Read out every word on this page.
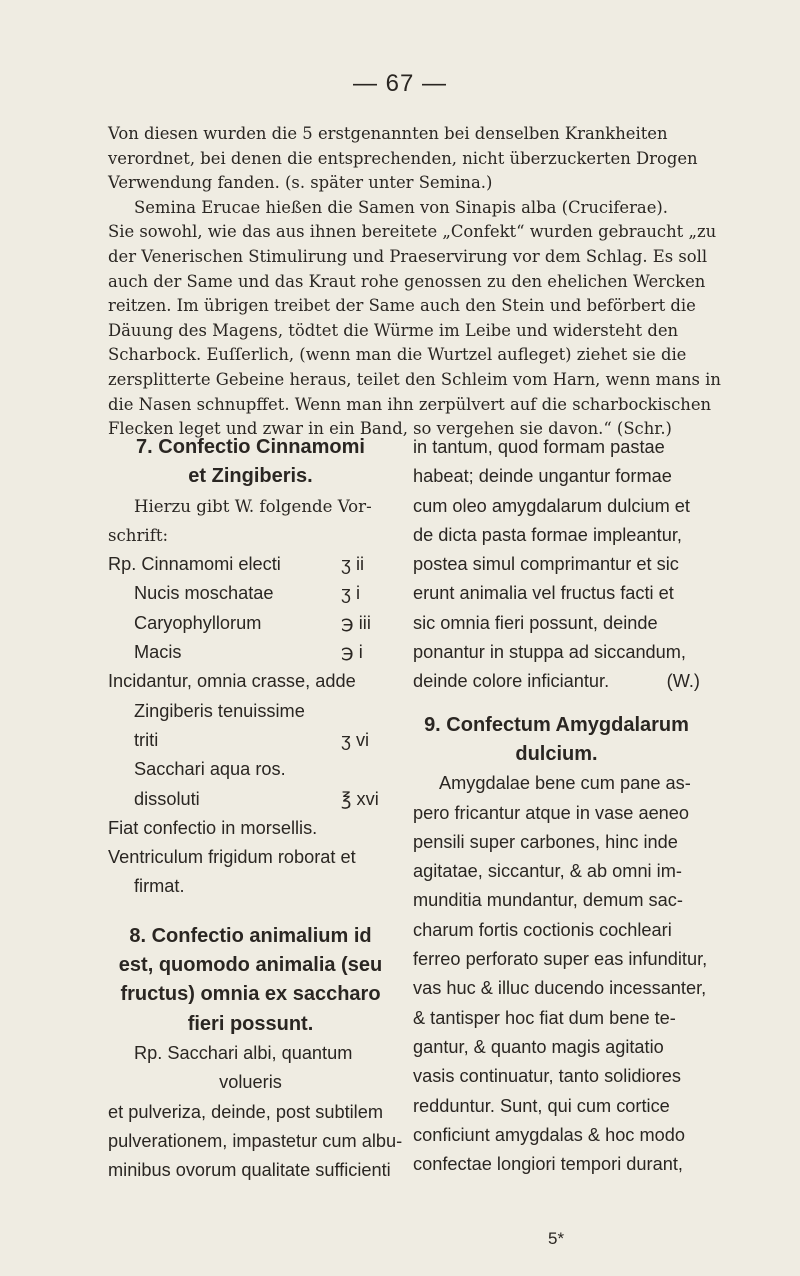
— 67 —

Von diesen wurden die 5 erstgenannten bei denselben Krankheiten

verordnet, bei denen die entsprechenden, nicht überzuckerten Drogen

Verwendung fanden. (s. später unter Semina.)

Semina Erucae hießen die Samen von Sinapis alba (Cruciferae).

Sie sowohl, wie das aus ihnen bereitete „Confekt“ wurden gebraucht „zu

der Venerischen Stimulirung und Praeservirung vor dem Schlag. Es soll

auch der Same und das Kraut rohe genossen zu den ehelichen Wercken

reitzen. Im übrigen treibet der Same auch den Stein und beförbert die

Däuung des Magens, tödtet die Würme im Leibe und widersteht den

Scharbock. Euſſerlich, (wenn man die Wurtzel aufleget) ziehet sie die

zersplitterte Gebeine heraus, teilet den Schleim vom Harn, wenn mans in

die Nasen schnupffet. Wenn man ihn zerpülvert auf die scharbockischen

Flecken leget und zwar in ein Band, so vergehen sie davon.“ (Schr.)

7. Confectio Cinnamomi
et Zingiberis.
Hierzu gibt W. folgende Vor-
schrift:
Rp. Cinnamomi electi	ʒ ii
Nucis moschatae	ʒ i
Caryophyllorum	℈ iii
Macis	℈ i
Incidantur, omnia crasse, adde
Zingiberis tenuissime
triti	ʒ vi
Sacchari aqua ros.
dissoluti	℥ xvi
Fiat confectio in morsellis.
Ventriculum frigidum roborat et
firmat.
8. Confectio animalium id
est, quomodo animalia (seu
fructus) omnia ex saccharo
fieri possunt.
Rp. Sacchari albi, quantum
volueris
et pulveriza, deinde, post subtilem
pulverationem, impastetur cum albu-
minibus ovorum qualitate sufficienti
in tantum, quod formam pastae
habeat; deinde ungantur formae
cum oleo amygdalarum dulcium et
de dicta pasta formae impleantur,
postea simul comprimantur et sic
erunt animalia vel fructus facti et
sic omnia fieri possunt, deinde
ponantur in stuppa ad siccandum,
deinde colore inficiantur.	(W.)
9. Confectum Amygdalarum
dulcium.
Amygdalae bene cum pane as-
pero fricantur atque in vase aeneo
pensili super carbones, hinc inde
agitatae, siccantur, & ab omni im-
munditia mundantur, demum sac-
charum fortis coctionis cochleari
ferreo perforato super eas infunditur,
vas huc & illuc ducendo incessanter,
& tantisper hoc fiat dum bene te-
gantur, & quanto magis agitatio
vasis continuatur, tanto solidiores
redduntur. Sunt, qui cum cortice
conficiunt amygdalas & hoc modo
confectae longiori tempori durant,
5*
